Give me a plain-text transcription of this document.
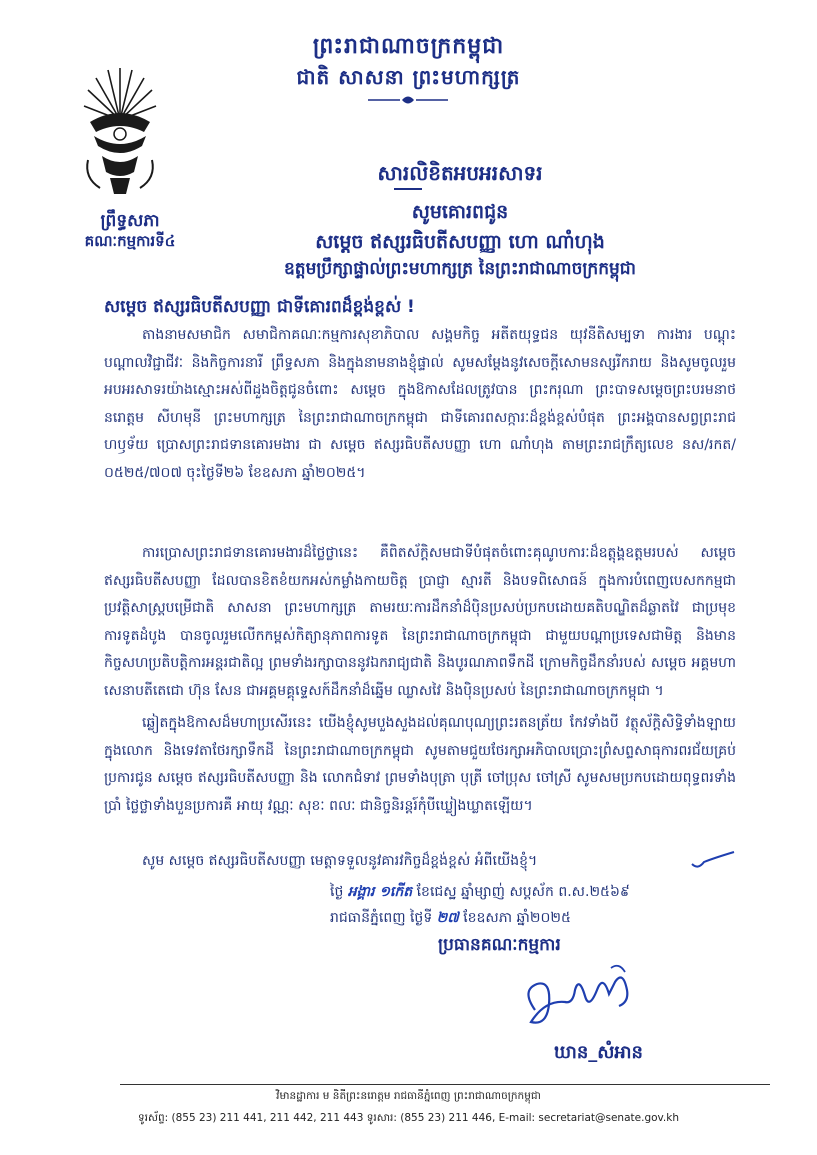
ព្រះរាជាណាចក្រកម្ពុជា
ជាតិ សាសនា ព្រះមហាក្សត្រ
ព្រឹទ្ធសភា
គណៈកម្មការទី៤
សារលិខិតអបអរសាទរ
សូមគោរពជូន
សម្តេច ឥស្សរធិបតីសបញ្ញា ហោ ណាំហុង
ឧត្តមប្រឹក្សាផ្ទាល់ព្រះមហាក្សត្រ នៃព្រះរាជាណាចក្រកម្ពុជា
សម្តេច ឥស្សរធិបតីសបញ្ញា ជាទីគោរពដ៏ខ្ពង់ខ្ពស់ !
តាងនាមសមាជិក សមាជិកាគណៈកម្មការសុខាភិបាល សង្គមកិច្ច អតីតយុទ្ធជន យុវនីតិសម្បទា ការងារ បណ្តុះបណ្តាលវិជ្ជាជីវៈ និងកិច្ចការនារី ព្រឹទ្ធសភា និងក្នុងនាមនាងខ្ញុំផ្ទាល់ សូមសម្តែងនូវសេចក្តីសោមនស្សរីករាយ និងសូមចូលរួមអបអរសាទរយ៉ាងស្មោះអស់ពីដួងចិត្តជូនចំពោះ សម្តេច ក្នុងឱកាសដែលត្រូវបាន ព្រះករុណា ព្រះបាទសម្តេចព្រះបរមនាថ នរោត្តម សីហមុនី ព្រះមហាក្សត្រ នៃព្រះរាជាណាចក្រកម្ពុជា ជាទីគោរពសក្ការៈដ៏ខ្ពង់ខ្ពស់បំផុត ព្រះអង្គបានសព្វព្រះរាជហឫទ័យ ប្រោសព្រះរាជទានគោរមងារ ជា សម្តេច ឥស្សរធិបតីសបញ្ញា ហោ ណាំហុង តាមព្រះរាជក្រឹត្យលេខ នស/រកត/០៥២៥/៧០៧ ចុះថ្ងៃទី២៦ ខែឧសភា ឆ្នាំ២០២៥។
ការប្រោសព្រះរាជទានគោរមងារដ៏ថ្លៃថ្លានេះ គឺពិតស័ក្តិសមជាទីបំផុតចំពោះគុណូបការៈដ៏ឧត្តុង្គឧត្តមរបស់ សម្តេច ឥស្សរធិបតីសបញ្ញា ដែលបានខិតខំយកអស់កម្លាំងកាយចិត្ត ប្រាជ្ញា ស្មារតី និងបទពិសោធន៍ ក្នុងការបំពេញបេសកកម្មជាប្រវត្តិសាស្ត្របម្រើជាតិ សាសនា ព្រះមហាក្សត្រ តាមរយៈការដឹកនាំដ៏ប៉ិនប្រសប់ប្រកបដោយគតិបណ្ឌិតដ៏ឆ្លាតវៃ ជាប្រមុខការទូតដំបូង បានចូលរួមលើកកម្ពស់កិត្យានុភាពការទូត នៃព្រះរាជាណាចក្រកម្ពុជា ជាមួយបណ្តាប្រទេសជាមិត្ត និងមានកិច្ចសហប្រតិបត្តិការអន្តរជាតិល្អ ព្រមទាំងរក្សាបាននូវឯករាជ្យជាតិ និងបូរណភាពទឹកដី ក្រោមកិច្ចដឹកនាំរបស់ សម្តេច អគ្គមហាសេនាបតីតេជោ ហ៊ុន សែន ជាអគ្គមគ្គុទ្ទេសក៍ដឹកនាំដ៏ឆ្នើម ឈ្លាសវៃ និងប៉ិនប្រសប់ នៃព្រះរាជាណាចក្រកម្ពុជា ។
ឆ្លៀតក្នុងឱកាសដ៏មហាប្រសើរនេះ យើងខ្ញុំសូមបួងសួងដល់គុណបុណ្យព្រះរតនត្រ័យ កែវទាំងបី វត្ថុស័ក្តិសិទ្ធិទាំងឡាយក្នុងលោក និងទេវតាថែរក្សាទឹកដី នៃព្រះរាជាណាចក្រកម្ពុជា សូមតាមជួយថែរក្សាអភិបាលប្រោះព្រំសព្ទសាធុការពរជ័យគ្រប់ប្រការជូន សម្តេច ឥស្សរធិបតីសបញ្ញា និង លោកជំទាវ ព្រមទាំងបុត្រា បុត្រី ចៅប្រុស ចៅស្រី សូមសមប្រកបដោយពុទ្ធពរទាំងប្រាំ ថ្លៃថ្លាទាំងបួនប្រការគឺ អាយុ វណ្ណៈ សុខៈ ពលៈ ជានិច្ចនិរន្តរ៍កុំបីឃ្លៀងឃ្លាតឡើយ។
សូម សម្តេច ឥស្សរធិបតីសបញ្ញា មេត្តាទទួលនូវគារវកិច្ចដ៏ខ្ពង់ខ្ពស់ អំពីយើងខ្ញុំ។
ថ្ងៃ អង្គារ ១កើត ខែជេស្ឋ ឆ្នាំម្សាញ់ សប្តស័ក ព.ស.២៥៦៩
រាជធានីភ្នំពេញ ថ្ងៃទី ២៧ ខែឧសភា ឆ្នាំ២០២៥
ប្រធានគណៈកម្មការ
ឃាន_សំអាន
វិមានដ្ឋាការ ម និតីព្រះនរោត្តម រាជធានីភ្នំពេញ ព្រះរាជាណាចក្រកម្ពុជា
ទូរស័ព្ទ: (855 23) 211 441, 211 442, 211 443 ទូរសារ: (855 23) 211 446, E-mail: secretariat@senate.gov.kh
